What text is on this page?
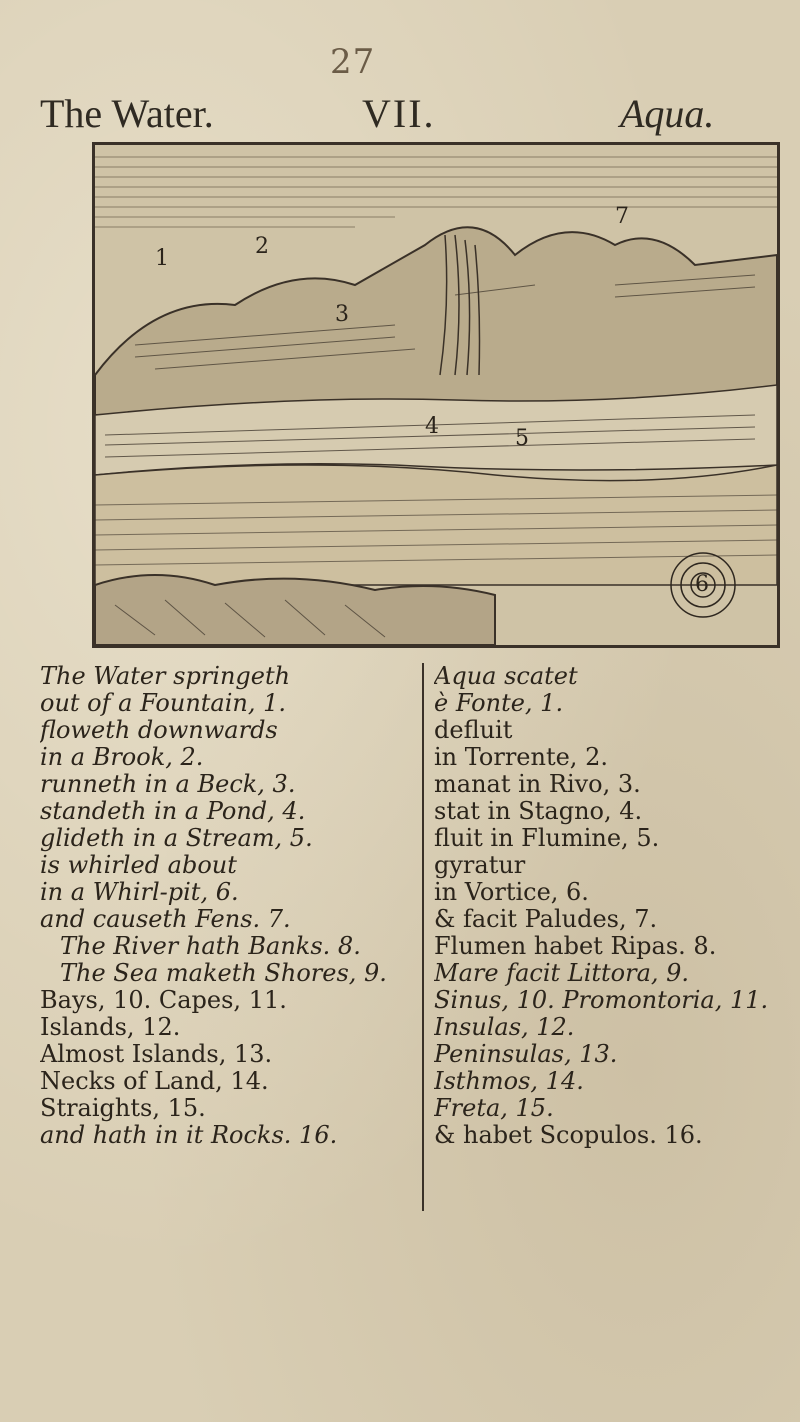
27
The Water.	VII.	Aqua.
1	2
3
4	5
6
7
The Water springeth
out of a Fountain, 1.
floweth downwards
in a Brook, 2.
runneth in a Beck, 3.
standeth in a Pond, 4.
glideth in a Stream, 5.
is whirled about
in a Whirl-pit, 6.
and causeth Fens. 7.
The River hath Banks. 8.
The Sea maketh Shores, 9.
Bays, 10. Capes, 11.
Islands, 12.
Almost Islands, 13.
Necks of Land, 14.
Straights, 15.
and hath in it Rocks. 16.
Aqua scatet
è Fonte, 1.
defluit
in Torrente, 2.
manat in Rivo, 3.
stat in Stagno, 4.
fluit in Flumine, 5.
gyratur
in Vortice, 6.
& facit Paludes, 7.
Flumen habet Ripas. 8.
Mare facit Littora, 9.
Sinus, 10. Promontoria, 11.
Insulas, 12.
Peninsulas, 13.
Isthmos, 14.
Freta, 15.
& habet Scopulos. 16.
